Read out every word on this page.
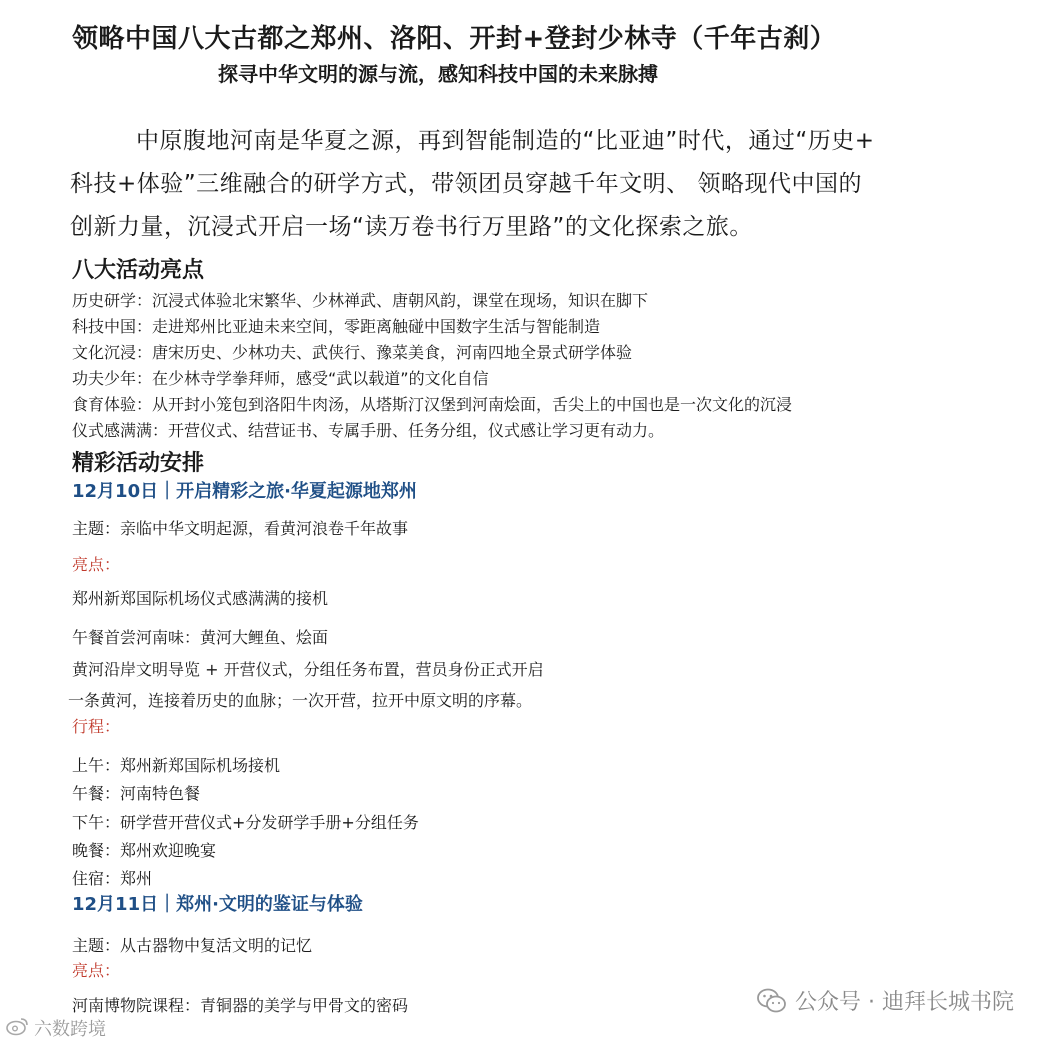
领略中国八大古都之郑州、洛阳、开封+登封少林寺（千年古刹）
探寻中华文明的源与流，感知科技中国的未来脉搏
中原腹地河南是华夏之源，再到智能制造的“比亚迪”时代，通过“历史+
科技+体验”三维融合的研学方式，带领团员穿越千年文明、 领略现代中国的
创新力量，沉浸式开启一场“读万卷书行万里路”的文化探索之旅。
八大活动亮点
历史研学：沉浸式体验北宋繁华、少林禅武、唐朝风韵，课堂在现场，知识在脚下
科技中国：走进郑州比亚迪未来空间，零距离触碰中国数字生活与智能制造
文化沉浸：唐宋历史、少林功夫、武侠行、豫菜美食，河南四地全景式研学体验
功夫少年：在少林寺学拳拜师，感受“武以载道”的文化自信
食育体验：从开封小笼包到洛阳牛肉汤，从塔斯汀汉堡到河南烩面，舌尖上的中国也是一次文化的沉浸
仪式感满满：开营仪式、结营证书、专属手册、任务分组，仪式感让学习更有动力。
精彩活动安排
12月10日｜开启精彩之旅·华夏起源地郑州
主题：亲临中华文明起源，看黄河浪卷千年故事
亮点：
郑州新郑国际机场仪式感满满的接机
午餐首尝河南味：黄河大鲤鱼、烩面
黄河沿岸文明导览 + 开营仪式，分组任务布置，营员身份正式开启
一条黄河，连接着历史的血脉；一次开营，拉开中原文明的序幕。
行程：
上午：郑州新郑国际机场接机
午餐：河南特色餐
下午：研学营开营仪式+分发研学手册+分组任务
晚餐：郑州欢迎晚宴
住宿：郑州
12月11日｜郑州·文明的鉴证与体验
主题：从古器物中复活文明的记忆
亮点：
河南博物院课程：青铜器的美学与甲骨文的密码	公众号 · 迪拜长城书院
六数跨境
